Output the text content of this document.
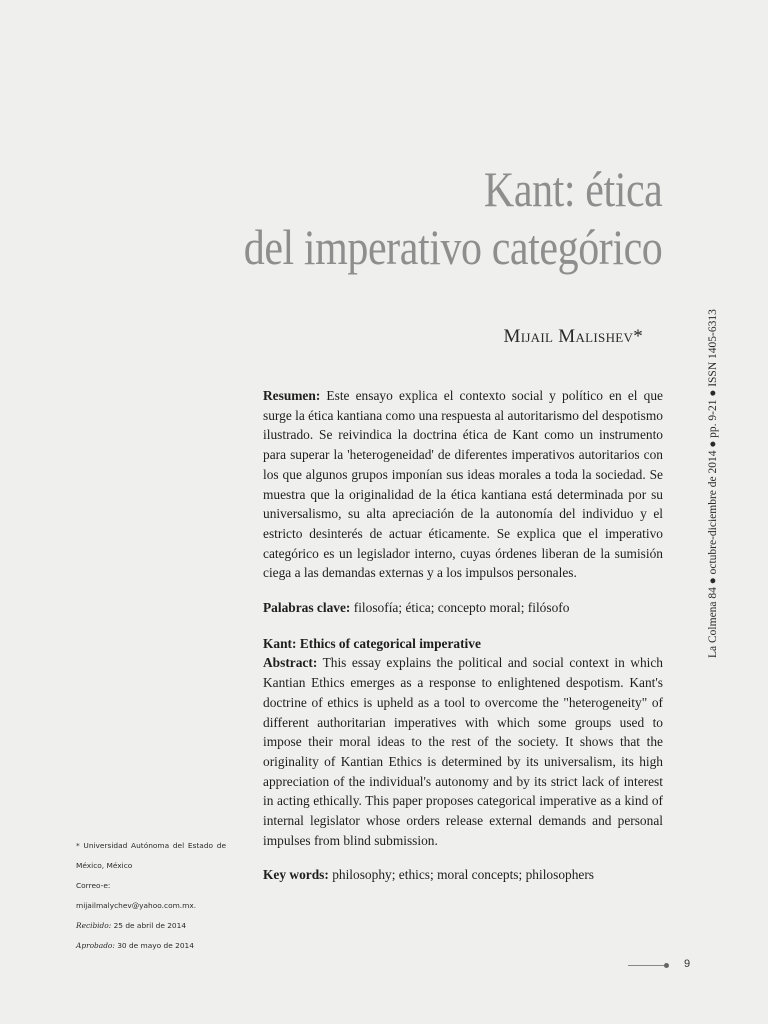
Kant: ética
del imperativo categórico
Mijail Malishev*	La Colmena 84 ● octubre-diciembre de 2014 ● pp. 9-21 ● ISSN 1405-6313

Resumen: Este ensayo explica el contexto social y político en el que surge la ética kantiana como una respuesta al autoritarismo del despotismo ilustrado. Se reivindica la doctrina ética de Kant como un instrumento para superar la 'heterogeneidad' de diferentes imperativos autoritarios con los que algunos grupos imponían sus ideas morales a toda la sociedad. Se muestra que la originalidad de la ética kantiana está determinada por su universalismo, su alta apreciación de la autonomía del individuo y el estricto desinterés de actuar éticamente. Se explica que el imperativo categórico es un legislador interno, cuyas órdenes liberan de la sumisión ciega a las demandas externas y a los impulsos personales.

Palabras clave: filosofía; ética; concepto moral; filósofo

Kant: Ethics of categorical imperative

Abstract: This essay explains the political and social context in which Kantian Ethics emerges as a response to enlightened despotism. Kant's doctrine of ethics is upheld as a tool to overcome the "heterogeneity" of different authoritarian imperatives with which some groups used to impose their moral ideas to the rest of the society. It shows that the originality of Kantian Ethics is determined by its universalism, its high appreciation of the individual's autonomy and by its strict lack of interest in acting ethically. This paper proposes categorical imperative as a kind of internal legislator whose orders release external demands and personal impulses from blind submission.

Key words: philosophy; ethics; moral concepts; philosophers

* Universidad Autónoma del Estado de
México, México
Correo-e: mijailmalychev@yahoo.com.mx.
Recibido: 25 de abril de 2014
Aprobado: 30 de mayo de 2014
9
